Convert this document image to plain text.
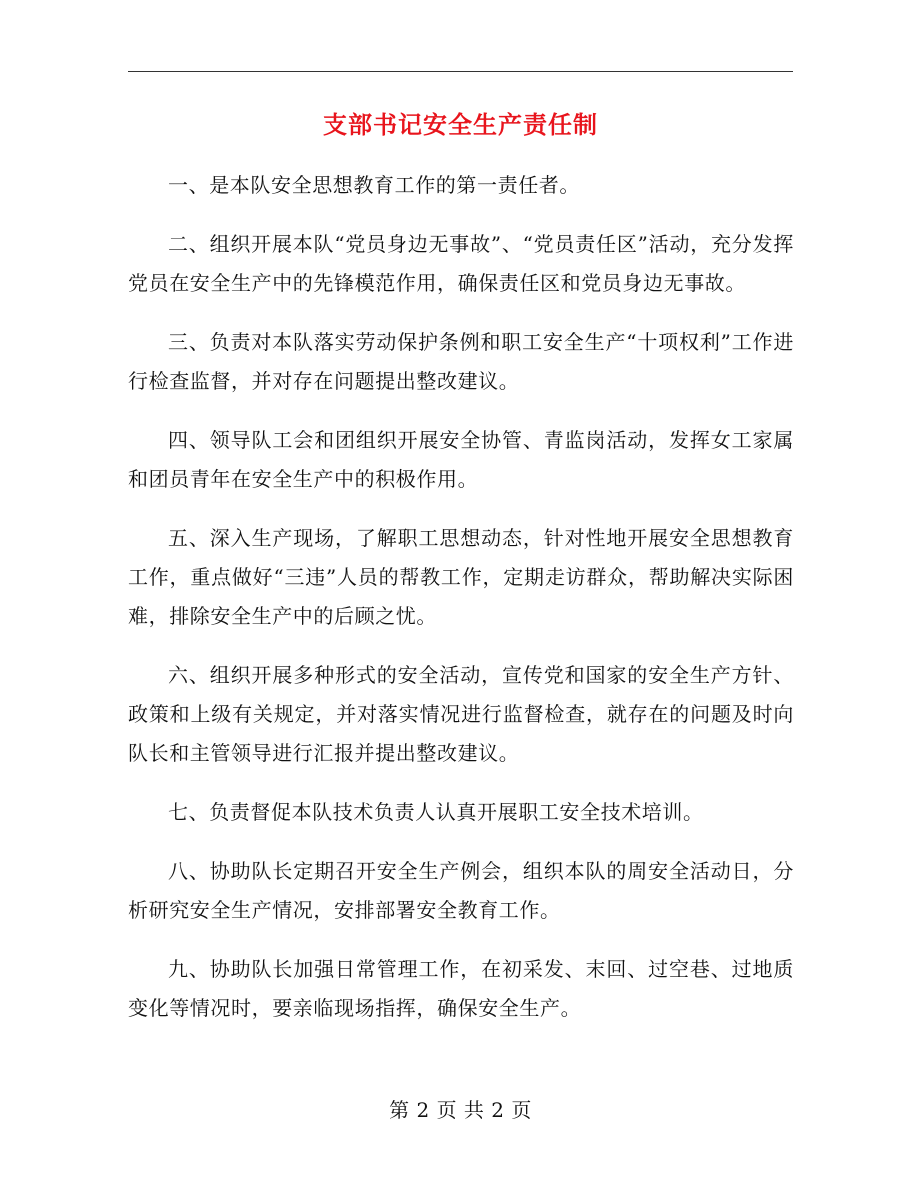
支部书记安全生产责任制

一、是本队安全思想教育工作的第一责任者。

二、组织开展本队“党员身边无事故”、“党员责任区”活动，充分发挥党员在安全生产中的先锋模范作用，确保责任区和党员身边无事故。

三、负责对本队落实劳动保护条例和职工安全生产“十项权利”工作进行检查监督，并对存在问题提出整改建议。

四、领导队工会和团组织开展安全协管、青监岗活动，发挥女工家属和团员青年在安全生产中的积极作用。

五、深入生产现场，了解职工思想动态，针对性地开展安全思想教育工作，重点做好“三违”人员的帮教工作，定期走访群众，帮助解决实际困难，排除安全生产中的后顾之忧。

六、组织开展多种形式的安全活动，宣传党和国家的安全生产方针、政策和上级有关规定，并对落实情况进行监督检查，就存在的问题及时向队长和主管领导进行汇报并提出整改建议。

七、负责督促本队技术负责人认真开展职工安全技术培训。

八、协助队长定期召开安全生产例会，组织本队的周安全活动日，分析研究安全生产情况，安排部署安全教育工作。

九、协助队长加强日常管理工作，在初采发、末回、过空巷、过地质变化等情况时，要亲临现场指挥，确保安全生产。

第 2 页 共 2 页
